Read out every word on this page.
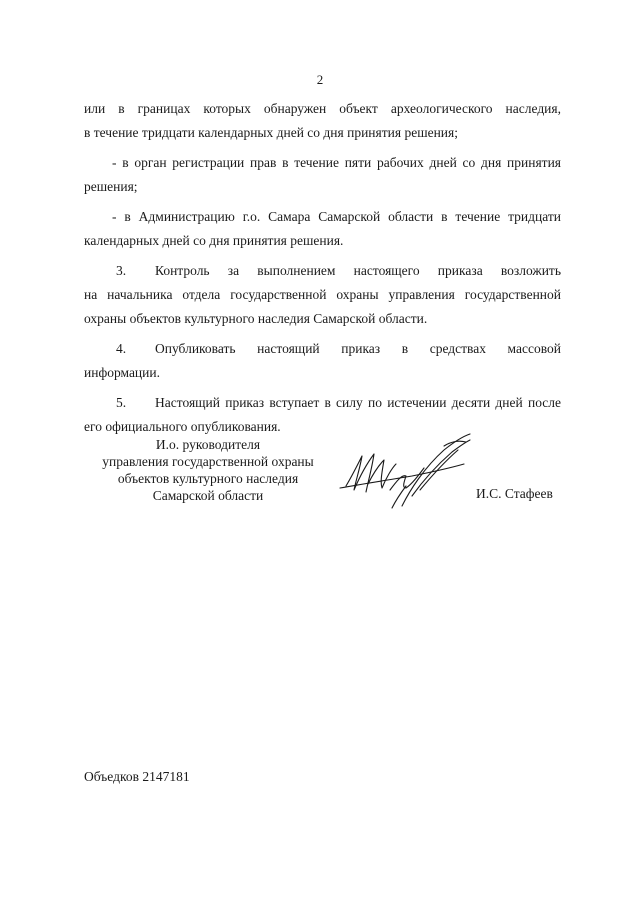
2

или в границах которых обнаружен объект археологического наследия,
в течение тридцати календарных дней со дня принятия решения;

- в орган регистрации прав в течение пяти рабочих дней со дня принятия
решения;

- в Администрацию г.о. Самара Самарской области в течение тридцати
календарных дней со дня принятия решения.

3. Контроль за выполнением настоящего приказа возложить
на начальника отдела государственной охраны управления государственной
охраны объектов культурного наследия Самарской области.

4. Опубликовать настоящий приказ в средствах массовой
информации.

5. Настоящий приказ вступает в силу по истечении десяти дней после
его официального опубликования.

И.о. руководителя
управления государственной охраны
объектов культурного наследия
Самарской области	И.С. Стафеев
Объедков 2147181
